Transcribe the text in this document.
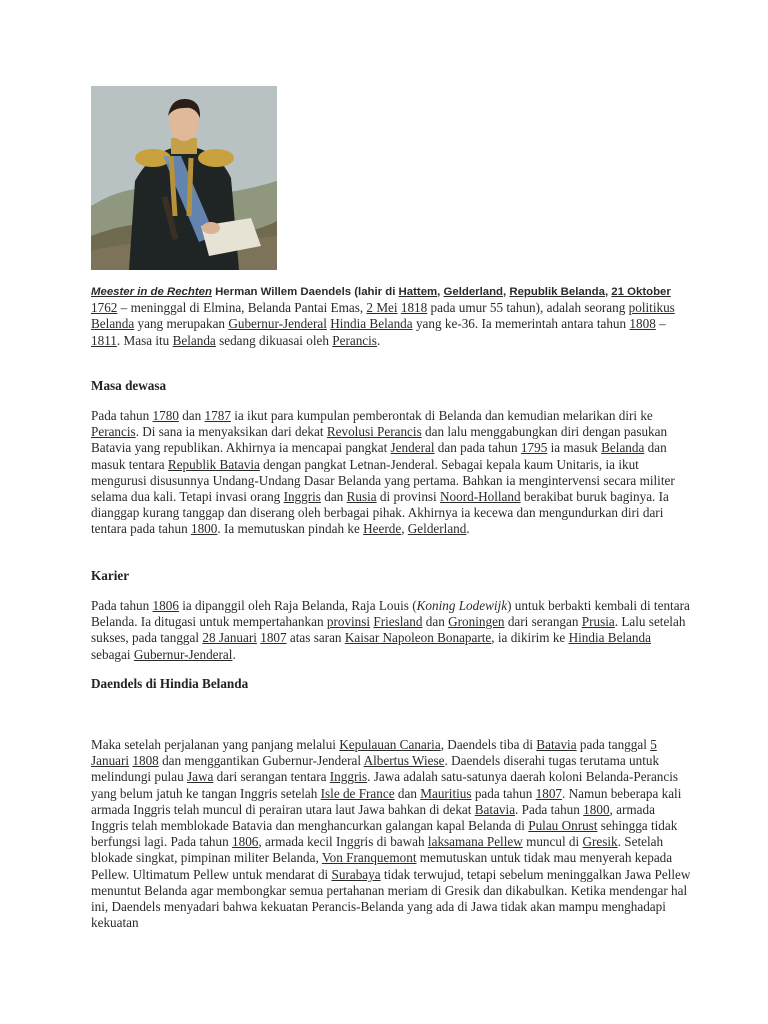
Meester in de Rechten Herman Willem Daendels (lahir di Hattem, Gelderland, Republik Belanda, 21 Oktober 1762 – meninggal di Elmina, Belanda Pantai Emas, 2 Mei 1818 pada umur 55 tahun), adalah seorang politikus Belanda yang merupakan Gubernur-Jenderal Hindia Belanda yang ke-36. Ia memerintah antara tahun 1808 – 1811. Masa itu Belanda sedang dikuasai oleh Perancis.

Masa dewasa

Pada tahun 1780 dan 1787 ia ikut para kumpulan pemberontak di Belanda dan kemudian melarikan diri ke Perancis. Di sana ia menyaksikan dari dekat Revolusi Perancis dan lalu menggabungkan diri dengan pasukan Batavia yang republikan. Akhirnya ia mencapai pangkat Jenderal dan pada tahun 1795 ia masuk Belanda dan masuk tentara Republik Batavia dengan pangkat Letnan-Jenderal. Sebagai kepala kaum Unitaris, ia ikut mengurusi disusunnya Undang-Undang Dasar Belanda yang pertama. Bahkan ia mengintervensi secara militer selama dua kali. Tetapi invasi orang Inggris dan Rusia di provinsi Noord-Holland berakibat buruk baginya. Ia dianggap kurang tanggap dan diserang oleh berbagai pihak. Akhirnya ia kecewa dan mengundurkan diri dari tentara pada tahun 1800. Ia memutuskan pindah ke Heerde, Gelderland.

Karier

Pada tahun 1806 ia dipanggil oleh Raja Belanda, Raja Louis (Koning Lodewijk) untuk berbakti kembali di tentara Belanda. Ia ditugasi untuk mempertahankan provinsi Friesland dan Groningen dari serangan Prusia. Lalu setelah sukses, pada tanggal 28 Januari 1807 atas saran Kaisar Napoleon Bonaparte, ia dikirim ke Hindia Belanda sebagai Gubernur-Jenderal.

Daendels di Hindia Belanda

Maka setelah perjalanan yang panjang melalui Kepulauan Canaria, Daendels tiba di Batavia pada tanggal 5 Januari 1808 dan menggantikan Gubernur-Jenderal Albertus Wiese. Daendels diserahi tugas terutama untuk melindungi pulau Jawa dari serangan tentara Inggris. Jawa adalah satu-satunya daerah koloni Belanda-Perancis yang belum jatuh ke tangan Inggris setelah Isle de France dan Mauritius pada tahun 1807. Namun beberapa kali armada Inggris telah muncul di perairan utara laut Jawa bahkan di dekat Batavia. Pada tahun 1800, armada Inggris telah memblokade Batavia dan menghancurkan galangan kapal Belanda di Pulau Onrust sehingga tidak berfungsi lagi. Pada tahun 1806, armada kecil Inggris di bawah laksamana Pellew muncul di Gresik. Setelah blokade singkat, pimpinan militer Belanda, Von Franquemont memutuskan untuk tidak mau menyerah kepada Pellew. Ultimatum Pellew untuk mendarat di Surabaya tidak terwujud, tetapi sebelum meninggalkan Jawa Pellew menuntut Belanda agar membongkar semua pertahanan meriam di Gresik dan dikabulkan. Ketika mendengar hal ini, Daendels menyadari bahwa kekuatan Perancis-Belanda yang ada di Jawa tidak akan mampu menghadapi kekuatan
